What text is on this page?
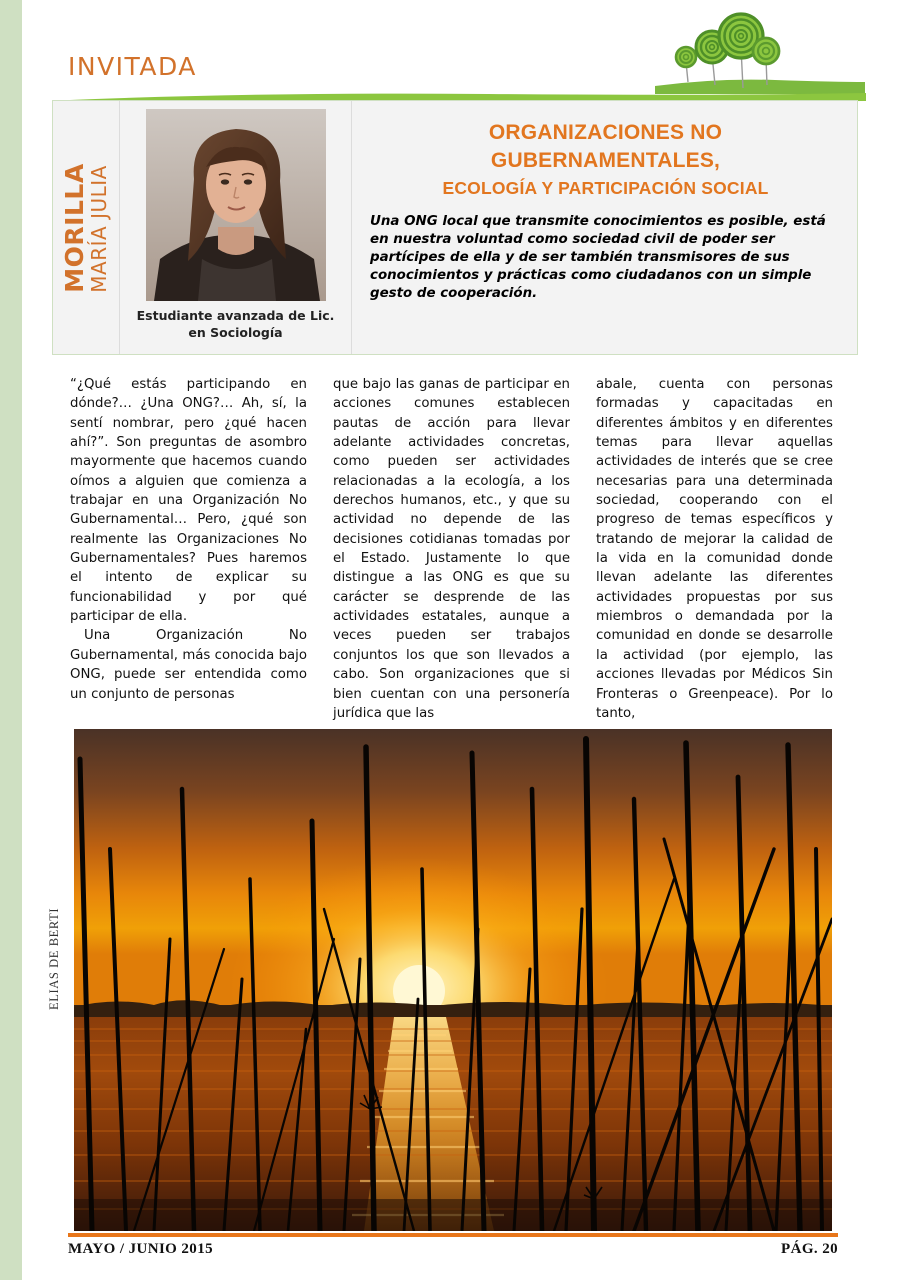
INVITADA
MARÍA JULIA
MORILLA
Estudiante avanzada de Lic. en Sociología
ORGANIZACIONES NO
GUBERNAMENTALES,
ECOLOGÍA Y PARTICIPACIÓN SOCIAL
Una ONG local que transmite conocimientos es posible, está en nuestra voluntad como sociedad civil de poder ser partícipes de ella y de ser también transmisores de sus conocimientos y prácticas como ciudadanos con un simple gesto de cooperación.

“¿Qué estás participando en dónde?… ¿Una ONG?… Ah, sí, la sentí nombrar, pero ¿qué hacen ahí?”. Son preguntas de asombro mayormente que hacemos cuando oímos a alguien que comienza a trabajar en una Organización No Gubernamental… Pero, ¿qué son realmente las Organizaciones No Gubernamentales? Pues haremos el intento de explicar su funcionabilidad y por qué participar de ella.

Una Organización No Gubernamental, más conocida bajo ONG, puede ser entendida como un conjunto de personas

que bajo las ganas de participar en acciones comunes establecen pautas de acción para llevar adelante actividades concretas, como pueden ser actividades relacionadas a la ecología, a los derechos humanos, etc., y que su actividad no depende de las decisiones cotidianas tomadas por el Estado. Justamente lo que distingue a las ONG es que su carácter se desprende de las actividades estatales, aunque a veces pueden ser trabajos conjuntos los que son llevados a cabo. Son organizaciones que si bien cuentan con una personería jurídica que las

abale, cuenta con personas formadas y capacitadas en diferentes ámbitos y en diferentes temas para llevar aquellas actividades de interés que se cree necesarias para una determinada sociedad, cooperando con el progreso de temas específicos y tratando de mejorar la calidad de la vida en la comunidad donde llevan adelante las diferentes actividades propuestas por sus miembros o demandada por la comunidad en donde se desarrolle la actividad (por ejemplo, las acciones llevadas por Médicos Sin Fronteras o Greenpeace). Por lo tanto,

ELIAS DE BERTI
MAYO / JUNIO 2015	PÁG. 20
